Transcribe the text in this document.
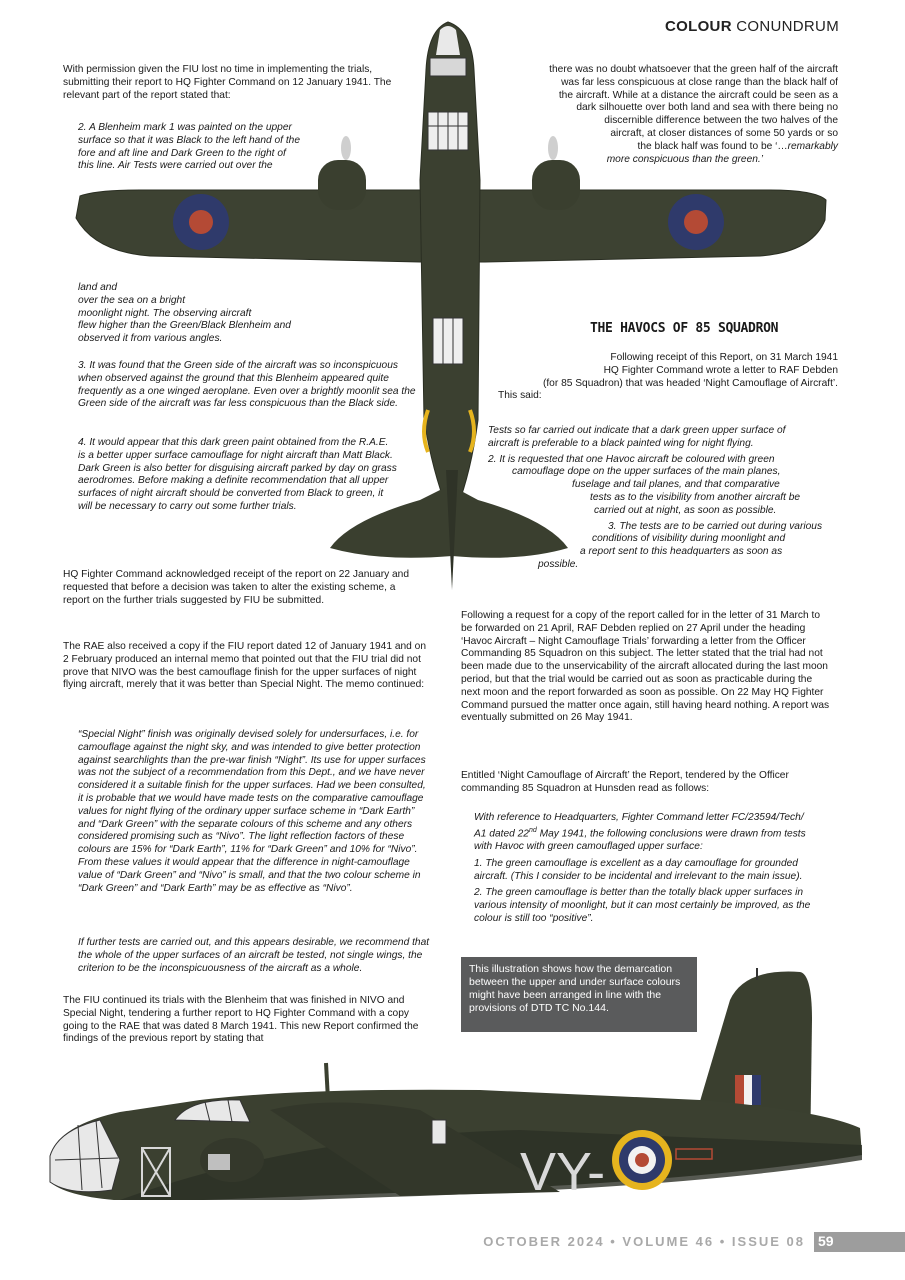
COLOUR CONUNDRUM

With permission given the FIU lost no time in implementing the trials, submitting their report to HQ Fighter Command on 12 January 1941. The relevant part of the report stated that:

2. A Blenheim mark 1 was painted on the upper
surface so that it was Black to the left hand of the
fore and aft line and Dark Green to the right of
this line. Air Tests were carried out over the
land and
over the sea on a bright
moonlight night. The observing aircraft
flew higher than the Green/Black Blenheim and
observed it from various angles.

3. It was found that the Green side of the aircraft was so inconspicuous when observed against the ground that this Blenheim appeared quite frequently as a one winged aeroplane. Even over a brightly moonlit sea the Green side of the aircraft was far less conspicuous than the Black side.

4. It would appear that this dark green paint obtained from the R.A.E. is a better upper surface camouflage for night aircraft than Matt Black. Dark Green is also better for disguising aircraft parked by day on grass aerodromes. Before making a definite recommendation that all upper surfaces of night aircraft should be converted from Black to green, it will be necessary to carry out some further trials.

HQ Fighter Command acknowledged receipt of the report on 22 January and requested that before a decision was taken to alter the existing scheme, a report on the further trials suggested by FIU be submitted.

The RAE also received a copy if the FIU report dated 12 of January 1941 and on 2 February produced an internal memo that pointed out that the FIU trial did not prove that NIVO was the best camouflage finish for the upper surfaces of night flying aircraft, merely that it was better than Special Night. The memo continued:

“Special Night” finish was originally devised solely for undersurfaces, i.e. for camouflage against the night sky, and was intended to give better protection against searchlights than the pre-war finish “Night”. Its use for upper surfaces was not the subject of a recommendation from this Dept., and we have never considered it a suitable finish for the upper surfaces. Had we been consulted, it is probable that we would have made tests on the comparative camouflage values for night flying of the ordinary upper surface scheme in “Dark Earth” and “Dark Green” with the separate colours of this scheme and any others considered promising such as “Nivo”. The light reflection factors of these colours are 15% for “Dark Earth”, 11% for “Dark Green” and 10% for “Nivo”. From these values it would appear that the difference in night-camouflage value of “Dark Green” and “Nivo” is small, and that the two colour scheme in “Dark Green” and “Dark Earth” may be as effective as “Nivo”.

If further tests are carried out, and this appears desirable, we recommend that the whole of the upper surfaces of an aircraft be tested, not single wings, the criterion to be the inconspicuousness of the aircraft as a whole.

The FIU continued its trials with the Blenheim that was finished in NIVO and Special Night, tendering a further report to HQ Fighter Command with a copy going to the RAE that was dated 8 March 1941. This new Report confirmed the findings of the previous report by stating that

there was no doubt whatsoever that the green half of the aircraft
was far less conspicuous at close range than the black half of
the aircraft. While at a distance the aircraft could be seen as a
dark silhouette over both land and sea with there being no
discernible difference between the two halves of the
aircraft, at closer distances of some 50 yards or so
the black half was found to be ‘…remarkably
more conspicuous than the green.’
THE HAVOCS OF 85 SQUADRON
Following receipt of this Report, on 31 March 1941
HQ Fighter Command wrote a letter to RAF Debden
(for 85 Squadron) that was headed ‘Night Camouflage of Aircraft’.
This said:
Tests so far carried out indicate that a dark green upper surface of
aircraft is preferable to a black painted wing for night flying.
2. It is requested that one Havoc aircraft be coloured with green
camouflage dope on the upper surfaces of the main planes,
fuselage and tail planes, and that comparative
tests as to the visibility from another aircraft be
carried out at night, as soon as possible.
3. The tests are to be carried out during various
conditions of visibility during moonlight and
a report sent to this headquarters as soon as
possible.

Following a request for a copy of the report called for in the letter of 31 March to be forwarded on 21 April, RAF Debden replied on 27 April under the heading ‘Havoc Aircraft – Night Camouflage Trials’ forwarding a letter from the Officer Commanding 85 Squadron on this subject. The letter stated that the trial had not been made due to the unservicability of the aircraft allocated during the last moon period, but that the trial would be carried out as soon as practicable during the next moon and the report forwarded as soon as possible. On 22 May HQ Fighter Command pursued the matter once again, still having heard nothing. A report was eventually submitted on 26 May 1941.

Entitled ‘Night Camouflage of Aircraft’ the Report, tendered by the Officer commanding 85 Squadron at Hunsden read as follows:

With reference to Headquarters, Fighter Command letter FC/23594/Tech/
A1 dated 22nd May 1941, the following conclusions were drawn from tests
with Havoc with green camouflaged upper surface:
1. The green camouflage is excellent as a day camouflage for grounded aircraft. (This I consider to be incidental and irrelevant to the main issue).
2. The green camouflage is better than the totally black upper surfaces in various intensity of moonlight, but it can most certainly be improved, as the colour is still too “positive”.
This illustration shows how the demarcation between the upper and under surface colours might have been arranged in line with the provisions of DTD TC No.144.
VY-
OCTOBER 2024 • VOLUME 46 • ISSUE 08 59
